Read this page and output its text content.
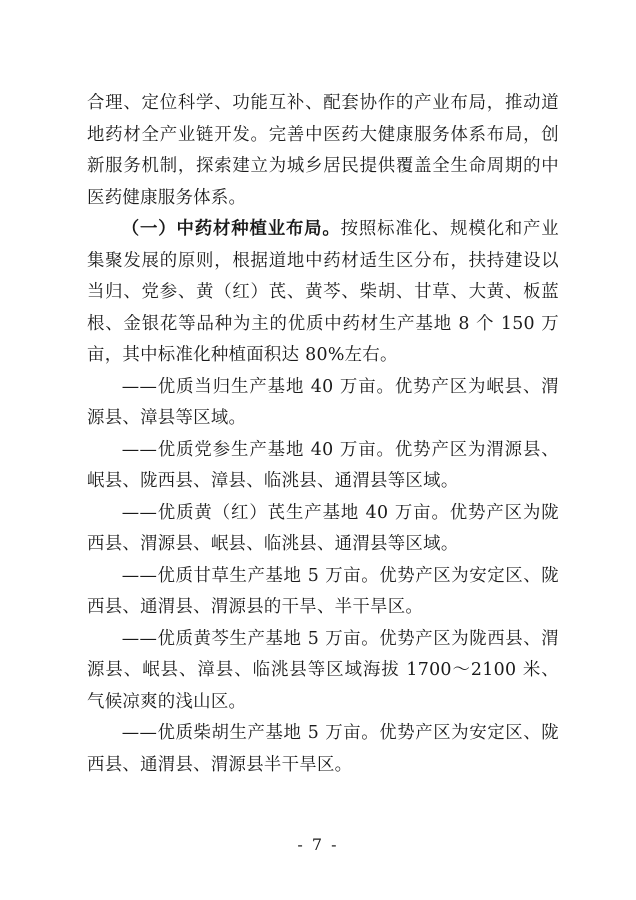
合理、定位科学、功能互补、配套协作的产业布局，推动道地药材全产业链开发。完善中医药大健康服务体系布局，创新服务机制，探索建立为城乡居民提供覆盖全生命周期的中医药健康服务体系。

（一）中药材种植业布局。按照标准化、规模化和产业集聚发展的原则，根据道地中药材适生区分布，扶持建设以当归、党参、黄（红）芪、黄芩、柴胡、甘草、大黄、板蓝根、金银花等品种为主的优质中药材生产基地 8 个 150 万亩，其中标准化种植面积达 80%左右。

——优质当归生产基地 40 万亩。优势产区为岷县、渭源县、漳县等区域。

——优质党参生产基地 40 万亩。优势产区为渭源县、岷县、陇西县、漳县、临洮县、通渭县等区域。

——优质黄（红）芪生产基地 40 万亩。优势产区为陇西县、渭源县、岷县、临洮县、通渭县等区域。

——优质甘草生产基地 5 万亩。优势产区为安定区、陇西县、通渭县、渭源县的干旱、半干旱区。

——优质黄芩生产基地 5 万亩。优势产区为陇西县、渭源县、岷县、漳县、临洮县等区域海拔 1700～2100 米、气候凉爽的浅山区。

——优质柴胡生产基地 5 万亩。优势产区为安定区、陇西县、通渭县、渭源县半干旱区。

- 7 -
